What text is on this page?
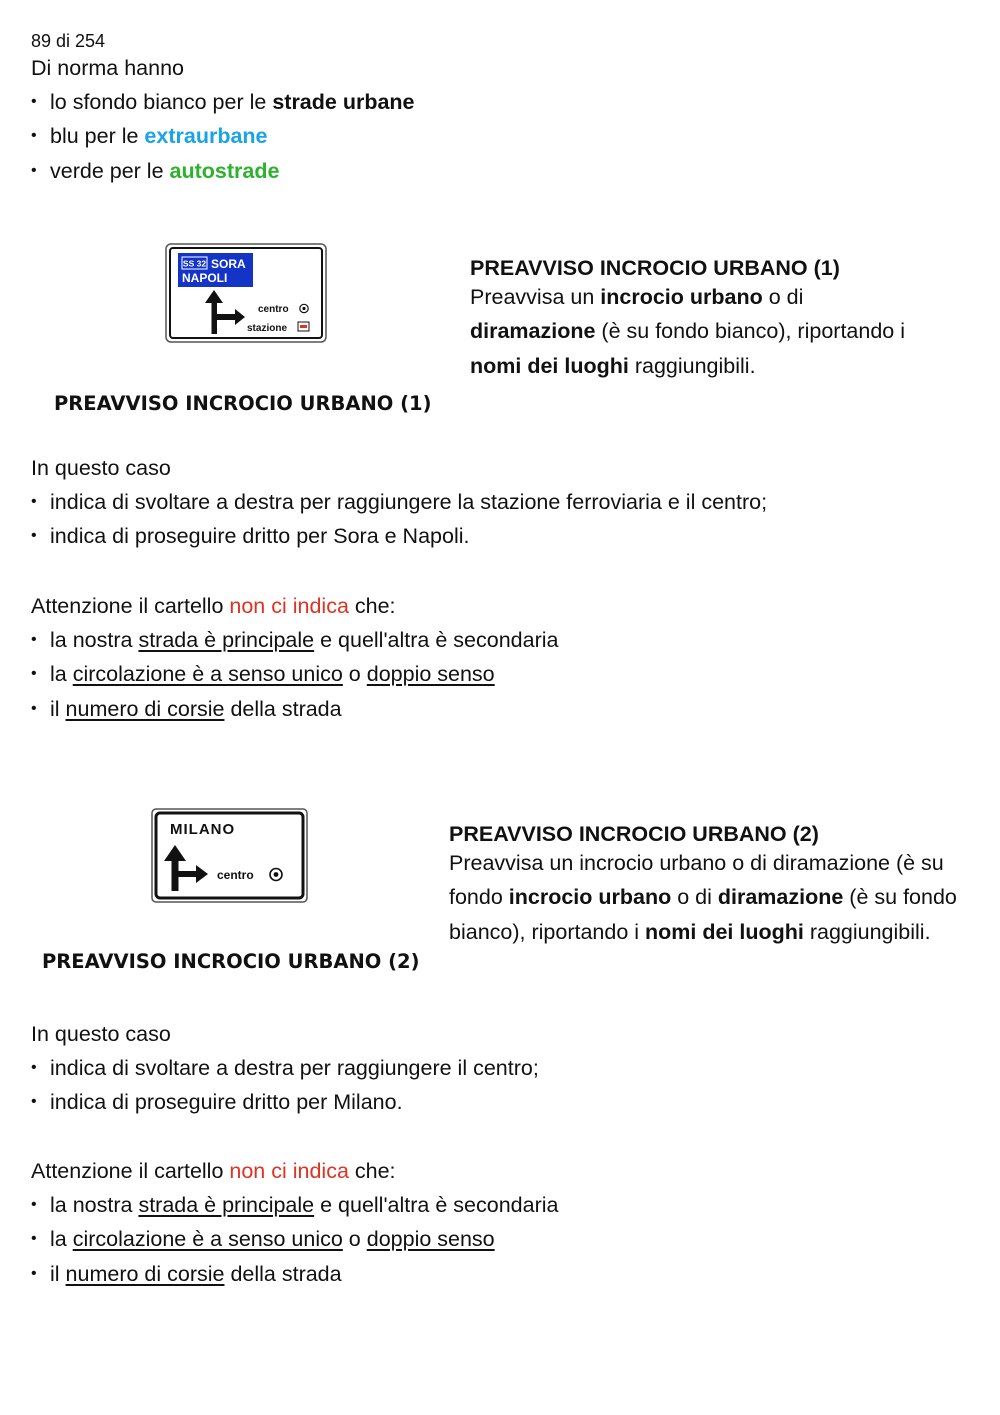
89 di 254

Di norma hanno

• lo sfondo bianco per le strade urbane
• blu per le extraurbane
• verde per le autostrade
SS 32 SORA
NAPOLI
centro
stazione
PREAVVISO INCROCIO URBANO (1)
PREAVVISO INCROCIO URBANO (1)

Preavvisa un incrocio urbano o di
diramazione (è su fondo bianco), riportando i
nomi dei luoghi raggiungibili.

In questo caso

• indica di svoltare a destra per raggiungere la stazione ferroviaria e il centro;
• indica di proseguire dritto per Sora e Napoli.

Attenzione il cartello non ci indica che:

• la nostra strada è principale e quell'altra è secondaria
• la circolazione è a senso unico o doppio senso
• il numero di corsie della strada
MILANO
centro
PREAVVISO INCROCIO URBANO (2)
PREAVVISO INCROCIO URBANO (2)

Preavvisa un incrocio urbano o di diramazione (è su fondo incrocio urbano o di diramazione (è su fondo bianco), riportando i nomi dei luoghi raggiungibili.

In questo caso

• indica di svoltare a destra per raggiungere il centro;
• indica di proseguire dritto per Milano.

Attenzione il cartello non ci indica che:

• la nostra strada è principale e quell'altra è secondaria
• la circolazione è a senso unico o doppio senso
• il numero di corsie della strada
